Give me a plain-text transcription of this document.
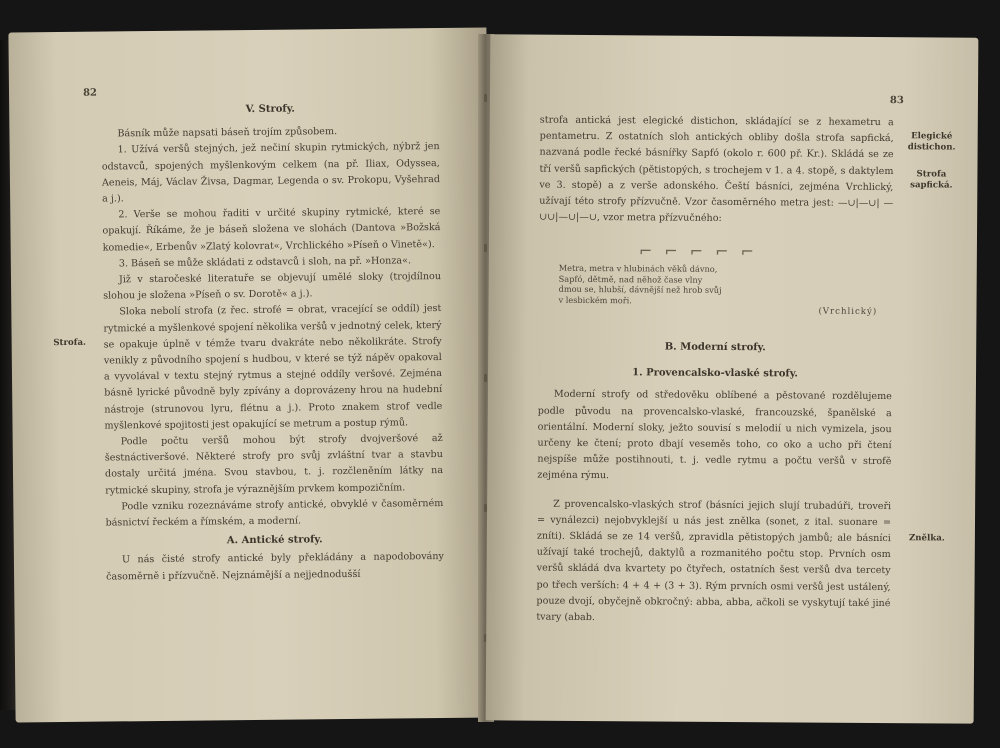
82
V. Strofy.

Básník může napsati báseň trojím způsobem.

1. Užívá veršů stejných, jež nečiní skupin rytmických, nýbrž jen odstavců, spojených myšlenkovým celkem (na př. Iliax, Odyssea, Aeneis, Máj, Václav Živsa, Dagmar, Legenda o sv. Prokopu, Vyšehrad a j.).

2. Verše se mohou řaditi v určité skupiny rytmické, které se opakují. Říkáme, že je báseň složena ve slohách (Dantova »Božská komedie«, Erbenův »Zlatý kolovrat«, Vrchlického »Píseň o Vinetě«).

3. Báseň se může skládati z odstavců i sloh, na př. »Honza«.

Již v staročeské literatuře se objevují umělé sloky (trojdílnou slohou je složena »Píseň o sv. Dorotě« a j.).

Sloka nebolí strofa (z řec. strofé = obrat, vracející se oddíl) jest rytmické a myšlenkové spojení několika veršů v jednotný celek, který se opakuje úplně v témže tvaru dvakráte nebo několikráte. Strofy venikly z původního spojení s hudbou, v které se týž nápěv opakoval a vyvolával v textu stejný rytmus a stejné oddíly veršové. Zejména básně lyrické původně byly zpívány a doprovázeny hrou na hudební nástroje (strunovou lyru, flétnu a j.). Proto znakem strof vedle myšlenkové spojitosti jest opakující se metrum a postup rýmů.

Podle počtu veršů mohou být strofy dvojveršové až šestnáctiveršové. Některé strofy pro svůj zvláštní tvar a stavbu dostaly určitá jména. Svou stavbou, t. j. rozčleněním látky na rytmické skupiny, strofa je výraznějším prvkem kompozičním.

Podle vzniku rozeznáváme strofy antické, obvyklé v časoměrném básnictví řeckém a římském, a moderní.

A. Antické strofy.

U nás čisté strofy antické byly překládány a napodobovány časoměrně i přízvučně. Nejznámější a nejjednodušší

Strofa.
83

strofa antická jest elegické distichon, skládající se z hexametru a pentametru. Z ostatních sloh antických obliby došla strofa sapfická, nazvaná podle řecké básnířky Sapfó (okolo r. 600 př. Kr.). Skládá se ze tří veršů sapfických (pětistopých, s trochejem v 1. a 4. stopě, s daktylem ve 3. stopě) a z verše adonského. Čeští básníci, zejména Vrchlický, užívají této strofy přízvučně. Vzor časoměrného metra jest: —∪|—∪| —∪∪|—∪|—∪, vzor metra přízvučného:

⌐⌐⌐⌐⌐
Metra, metra v hlubinách věků dávno,
Sapfó, dětmě, nad něhož čase vlny
dmou se, hlubší, dávnější než hrob svůj
v lesbickém moři.
(Vrchlický)
B. Moderní strofy.
1. Provencalsko-vlaské strofy.

Moderní strofy od středověku oblíbené a pěstované rozdělujeme podle původu na provencalsko-vlaské, francouzské, španělské a orientální. Moderní sloky, ježto souvisí s melodií u nich vymizela, jsou určeny ke čtení; proto dbají veseměs toho, co oko a ucho při čtení nejspíše může postihnouti, t. j. vedle rytmu a počtu veršů v strofě zejména rýmu.

Z provencalsko-vlaských strof (básníci jejich slují trubadúři, troveři = vynálezci) nejobvyklejší u nás jest znělka (sonet, z ital. suonare = zníti). Skládá se ze 14 veršů, zpravidla pětistopých jambů; ale básníci užívají také trochejů, daktylů a rozmanitého počtu stop. Prvních osm veršů skládá dva kvartety po čtyřech, ostatních šest veršů dva tercety po třech verších: 4 + 4 + (3 + 3). Rým prvních osmi veršů jest ustálený, pouze dvojí, obyčejně obkročný: abba, abba, ačkoli se vyskytují také jiné tvary (abab.

Elegické distichon.
Strofa sapfická.
Znělka.
